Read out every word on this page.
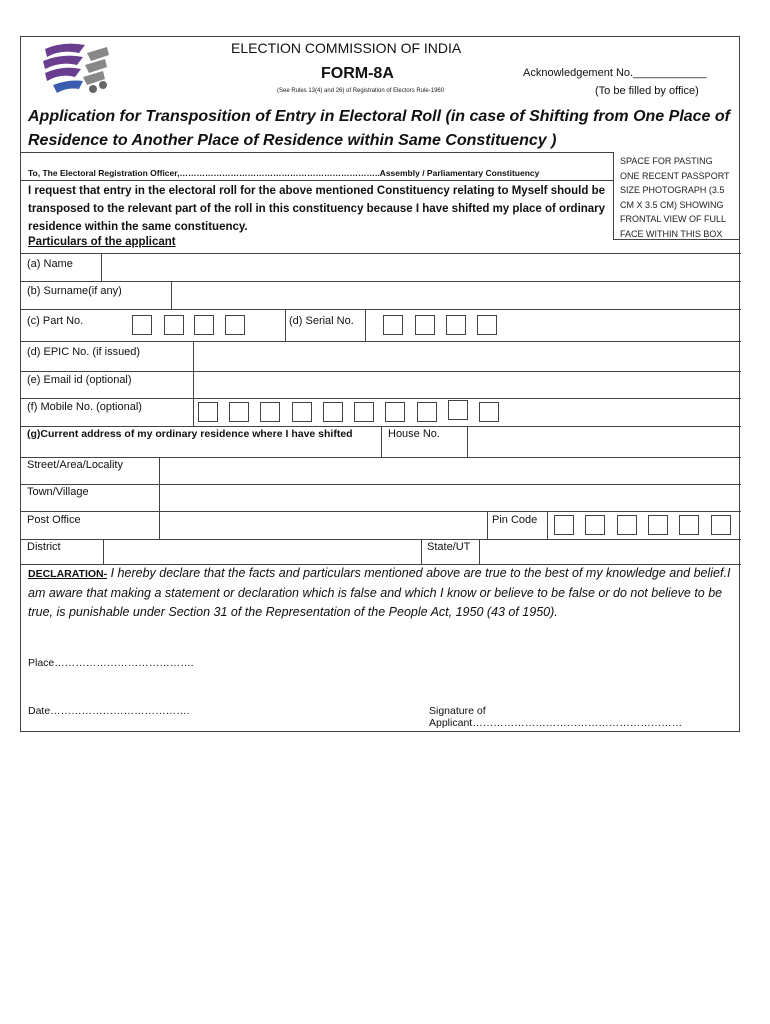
ELECTION COMMISSION OF INDIA
FORM-8A	Acknowledgement No.____________
(To be filled by office)
(See Rules 13(4) and 26) of Registration of Electors Rule-1960
Application for Transposition of Entry in Electoral Roll (in case of Shifting from One Place of Residence to Another Place of Residence within Same Constituency )
SPACE FOR PASTING ONE RECENT PASSPORT SIZE PHOTOGRAPH (3.5 CM X 3.5 CM) SHOWING FRONTAL VIEW OF FULL FACE WITHIN THIS BOX
To, The Electoral Registration Officer,……………………………………………………………..Assembly / Parliamentary Constituency
I request that entry in the electoral roll for the above mentioned Constituency relating to Myself should be transposed to the relevant part of the roll in this constituency because I have shifted my place of ordinary residence within the same constituency.
Particulars of the applicant
(a) Name
(b) Surname(if any)
(c) Part No.	(d) Serial No.
(d) EPIC No. (if issued)
(e) Email id (optional)
(f) Mobile No. (optional)
(g)Current address of my ordinary residence where I have shifted	House No.
Street/Area/Locality
Town/Village
Post Office	Pin Code
District	State/UT
DECLARATION- I hereby declare that the facts and particulars mentioned above are true to the best of my knowledge and belief.I am aware that making a statement or declaration which is false and which I know or believe to be false or do not believe to be true, is punishable under Section 31 of the Representation of the People Act, 1950 (43 of 1950).
Place………………………………….
Date………………………………….	Signature of Applicant……………………………………………………
